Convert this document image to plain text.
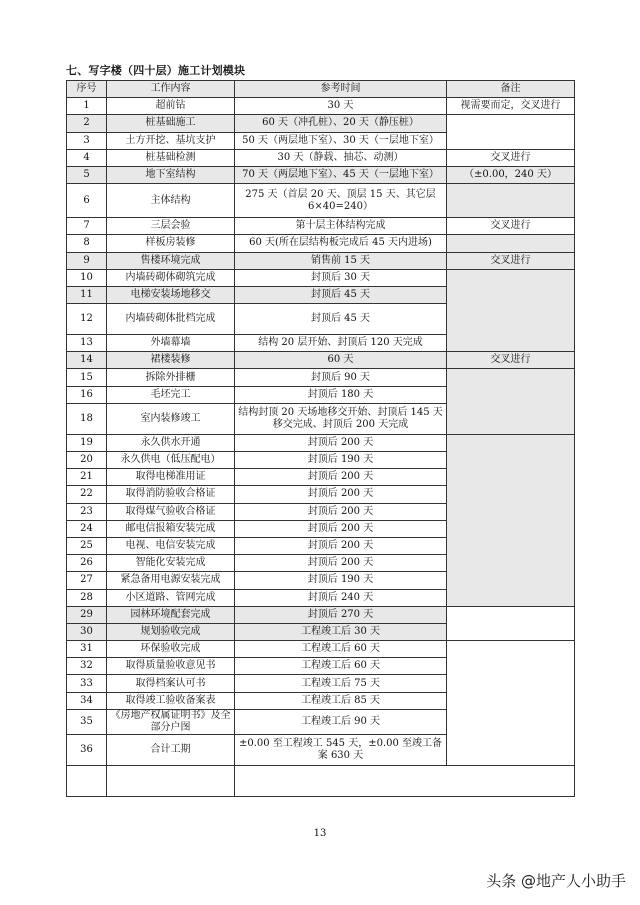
七、写字楼（四十层）施工计划模块
序号	工作内容	参考时间	备注
1	超前钻	30 天	视需要而定，交叉进行
2	桩基础施工	60 天（冲孔桩）、20 天（静压桩）	
3	土方开挖、基坑支护	50 天（两层地下室）、30 天（一层地下室）	
4	桩基础检测	30 天（静载、抽芯、动测）	交叉进行
5	地下室结构	70 天（两层地下室）、45 天（一层地下室）	（±0.00，240 天）
6	主体结构	275 天（首层 20 天、顶层 15 天、其它层 6×40=240）	
7	三层会验	第十层主体结构完成	交叉进行
8	样板房装修	60 天(所在层结构板完成后 45 天内进场)	
9	售楼环境完成	销售前 15 天	交叉进行
10	内墙砖砌体砌筑完成	封顶后 30 天	
11	电梯安装场地移交	封顶后 45 天	
12	内墙砖砌体批档完成	封顶后 45 天	
13	外墙幕墙	结构 20 层开始、封顶后 120 天完成	
14	裙楼装修	60 天	交叉进行
15	拆除外排栅	封顶后 90 天	
16	毛坯完工	封顶后 180 天	
18	室内装修竣工	结构封顶 20 天场地移交开始、封顶后 145 天移交完成、封顶后 200 天完成	
19	永久供水开通	封顶后 200 天	
20	永久供电（低压配电）	封顶后 190 天	
21	取得电梯准用证	封顶后 200 天	
22	取得消防验收合格证	封顶后 200 天	
23	取得煤气验收合格证	封顶后 200 天	
24	邮电信报箱安装完成	封顶后 200 天	
25	电视、电信安装完成	封顶后 200 天	
26	智能化安装完成	封顶后 200 天	
27	紧急备用电源安装完成	封顶后 190 天	
28	小区道路、管网完成	封顶后 240 天	
29	园林环境配套完成	封顶后 270 天	
30	规划验收完成	工程竣工后 30 天	
31	环保验收完成	工程竣工后 60 天	
32	取得质量验收意见书	工程竣工后 60 天	
33	取得档案认可书	工程竣工后 75 天	
34	取得竣工验收备案表	工程竣工后 85 天	
35	《房地产权属证明书》及全部分户图	工程竣工后 90 天	
36	合计工期	±0.00 至工程竣工 545 天，±0.00 至竣工备案 630 天	

13
头条 @地产人小助手
